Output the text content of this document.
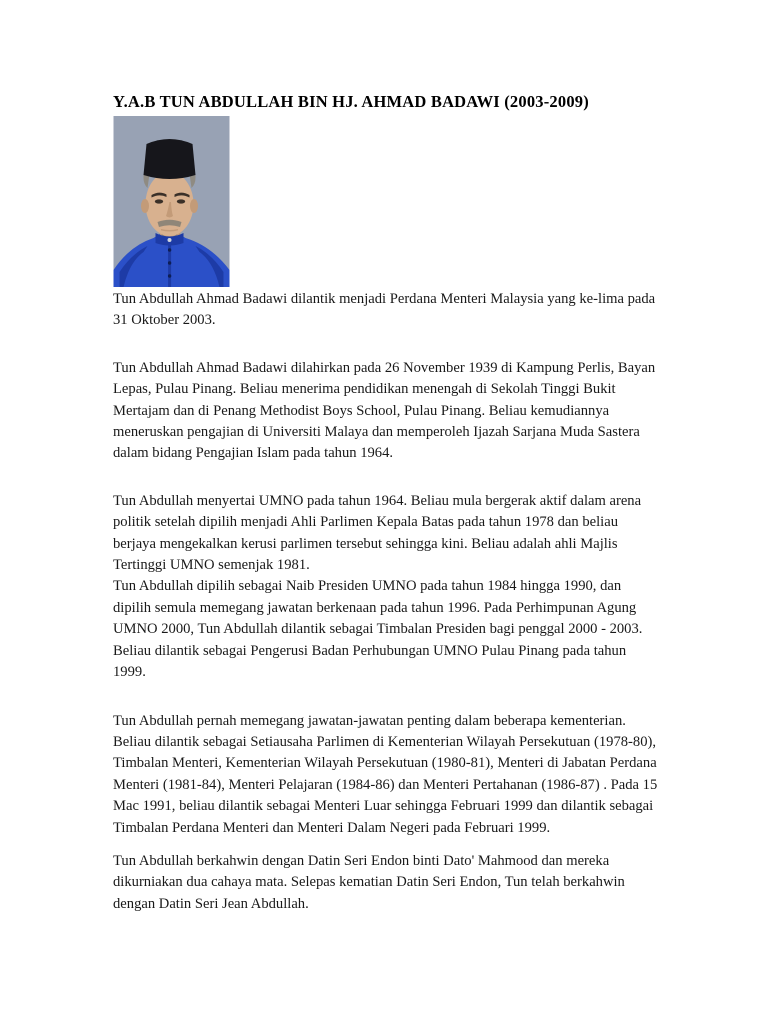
Y.A.B TUN ABDULLAH BIN HJ. AHMAD BADAWI (2003-2009)

Tun Abdullah Ahmad Badawi dilantik menjadi Perdana Menteri Malaysia yang ke-lima pada 31 Oktober 2003.

Tun Abdullah Ahmad Badawi dilahirkan pada 26 November 1939 di Kampung Perlis, Bayan Lepas, Pulau Pinang. Beliau menerima pendidikan menengah di Sekolah Tinggi Bukit Mertajam dan di Penang Methodist Boys School, Pulau Pinang. Beliau kemudiannya meneruskan pengajian di Universiti Malaya dan memperoleh Ijazah Sarjana Muda Sastera dalam bidang Pengajian Islam pada tahun 1964.

Tun Abdullah menyertai UMNO pada tahun 1964. Beliau mula bergerak aktif dalam arena politik setelah dipilih menjadi Ahli Parlimen Kepala Batas pada tahun 1978 dan beliau berjaya mengekalkan kerusi parlimen tersebut sehingga kini. Beliau adalah ahli Majlis Tertinggi UMNO semenjak 1981.

Tun Abdullah dipilih sebagai Naib Presiden UMNO pada tahun 1984 hingga 1990, dan dipilih semula memegang jawatan berkenaan pada tahun 1996. Pada Perhimpunan Agung UMNO 2000, Tun Abdullah dilantik sebagai Timbalan Presiden bagi penggal 2000 - 2003. Beliau dilantik sebagai Pengerusi Badan Perhubungan UMNO Pulau Pinang pada tahun 1999.

Tun Abdullah pernah memegang jawatan-jawatan penting dalam beberapa kementerian. Beliau dilantik sebagai Setiausaha Parlimen di Kementerian Wilayah Persekutuan (1978-80), Timbalan Menteri, Kementerian Wilayah Persekutuan (1980-81), Menteri di Jabatan Perdana Menteri (1981-84), Menteri Pelajaran (1984-86) dan Menteri Pertahanan (1986-87) . Pada 15 Mac 1991, beliau dilantik sebagai Menteri Luar sehingga Februari 1999 dan dilantik sebagai Timbalan Perdana Menteri dan Menteri Dalam Negeri pada Februari 1999.

Tun Abdullah berkahwin dengan Datin Seri Endon binti Dato' Mahmood dan mereka dikurniakan dua cahaya mata. Selepas kematian Datin Seri Endon, Tun telah berkahwin dengan Datin Seri Jean Abdullah.
